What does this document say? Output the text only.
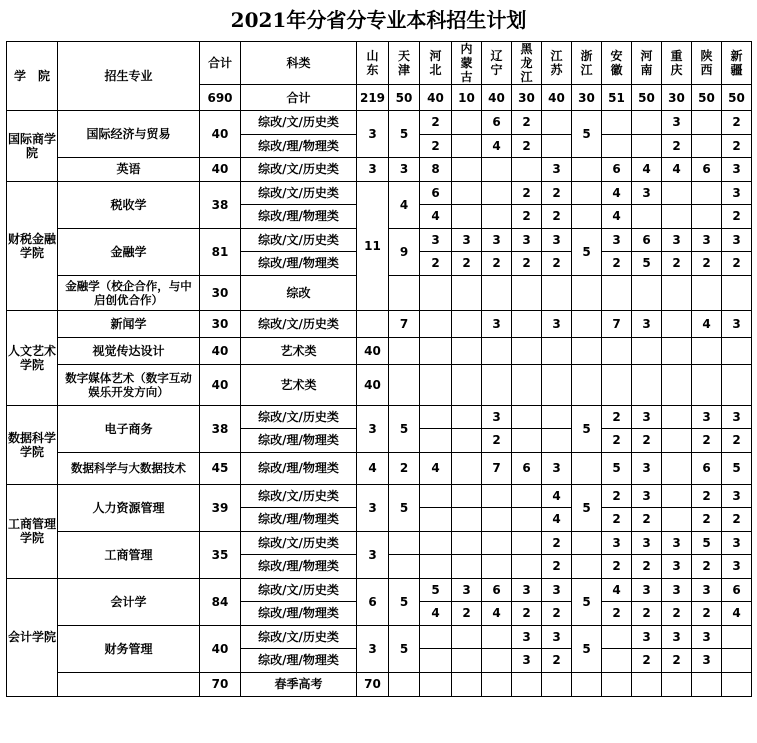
2021年分省分专业本科招生计划
学　院	招生专业	合计	科类	山东	天津	河北	内蒙古	辽宁	黑龙江	江苏	浙江	安徽	河南	重庆	陕西	新疆
		690	合计	219	50	40	10	40	30	40	30	51	50	30	50	50
国际商学院	国际经济与贸易	40	综改/文/历史类	3	5	2		6	2		5			3		2
			综改/理/物理类			2		4	2					2		2
	英语	40	综改/文/历史类	3	3	8				3		6	4	4	6	3
财税金融学院	税收学	38	综改/文/历史类	11	4	6			2	2		4	3			3
			综改/理/物理类			4			2	2		4				2
	金融学	81	综改/文/历史类		9	3	3	3	3	3	5	3	6	3	3	3
			综改/理/物理类			2	2	2	2	2		2	5	2	2	2
	金融学（校企合作，与中启创优合作）	30	综改													
人文艺术学院	新闻学	30	综改/文/历史类		7			3		3		7	3		4	3
	视觉传达设计	40	艺术类	40												
	数字媒体艺术（数字互动娱乐开发方向）	40	艺术类	40												
数据科学学院	电子商务	38	综改/文/历史类	3	5			3			5	2	3		3	3
			综改/理/物理类					2				2	2		2	2
	数据科学与大数据技术	45	综改/理/物理类	4	2	4		7	6	3		5	3		6	5
工商管理学院	人力资源管理	39	综改/文/历史类	3	5					4	5	2	3		2	3
			综改/理/物理类							4		2	2		2	2
	工商管理	35	综改/文/历史类	3						2		3	3	3	5	3
			综改/理/物理类							2		2	2	3	2	3
会计学院	会计学	84	综改/文/历史类	6	5	5	3	6	3	3	5	4	3	3	3	6
			综改/理/物理类			4	2	4	2	2		2	2	2	2	4
	财务管理	40	综改/文/历史类	3	5				3	3	5		3	3	3	
			综改/理/物理类						3	2			2	2	3	
		70	春季高考	70												
